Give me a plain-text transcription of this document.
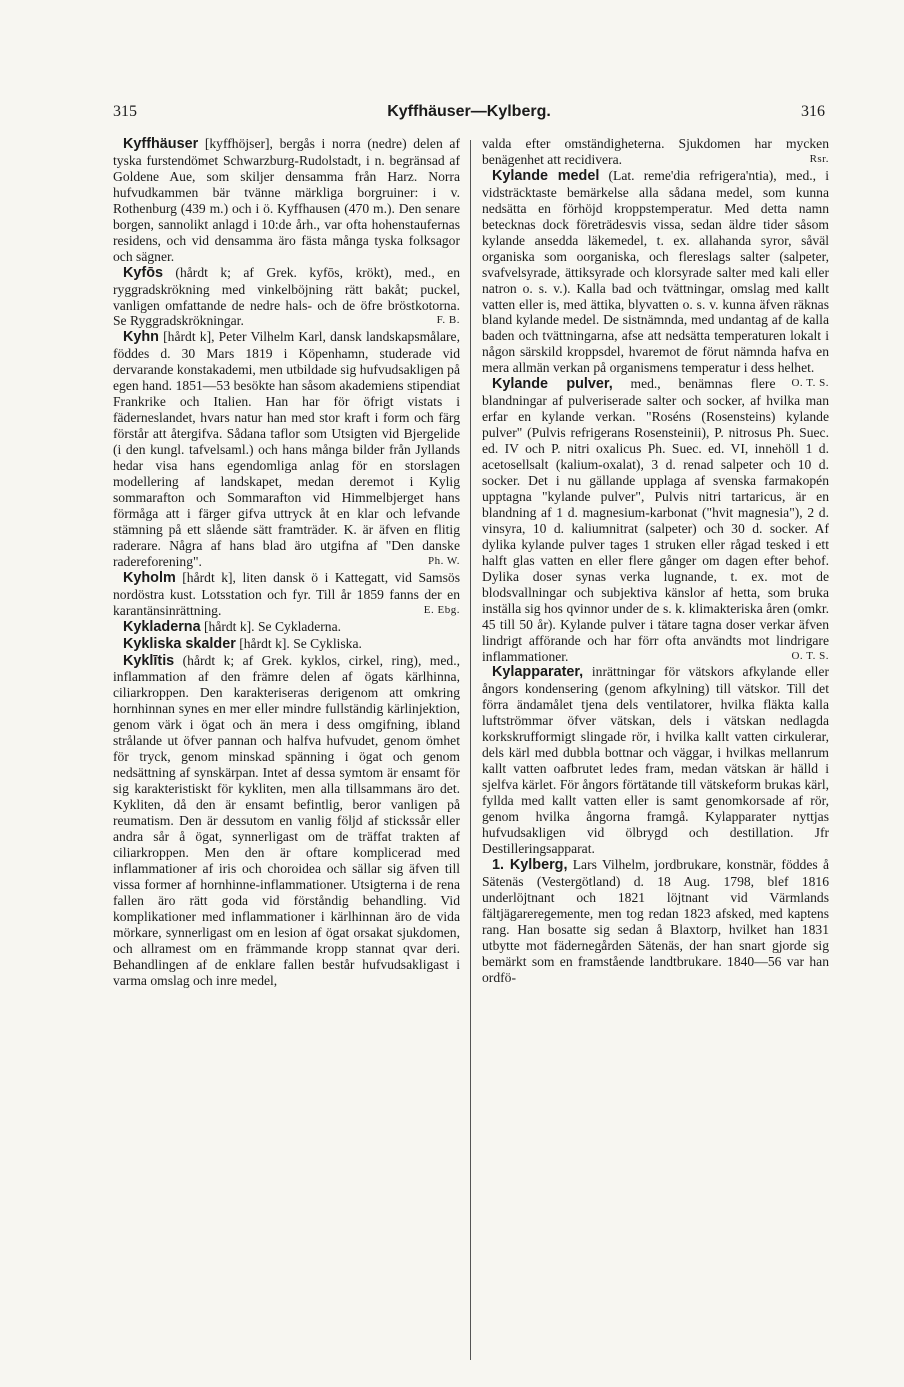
315	Kyffhäuser—Kylberg.	316

Kyffhäuser [kyffhöjser], bergås i norra (nedre) delen af tyska furstendömet Schwarzburg-Rudolstadt, i n. begränsad af Goldene Aue, som skiljer densamma från Harz. Norra hufvudkammen bär tvänne märkliga borgruiner: i v. Rothenburg (439 m.) och i ö. Kyffhausen (470 m.). Den senare borgen, sannolikt anlagd i 10:de årh., var ofta hohenstaufernas residens, och vid densamma äro fästa många tyska folksagor och sägner.

Kyfōs (hårdt k; af Grek. kyfōs, krökt), med., en ryggradskrökning med vinkelböjning rätt bakåt; puckel, vanligen omfattande de nedre hals- och de öfre bröstkotorna. Se Ryggradskrökningar.	F. B.

Kyhn [hårdt k], Peter Vilhelm Karl, dansk landskapsmålare, föddes d. 30 Mars 1819 i Köpenhamn, studerade vid dervarande konstakademi, men utbildade sig hufvudsakligen på egen hand. 1851—53 besökte han såsom akademiens stipendiat Frankrike och Italien. Han har för öfrigt vistats i fäderneslandet, hvars natur han med stor kraft i form och färg förstår att återgifva. Sådana taflor som Utsigten vid Bjergelide (i den kungl. tafvelsaml.) och hans många bilder från Jyllands hedar visa hans egendomliga anlag för en storslagen modellering af landskapet, medan deremot i Kylig sommarafton och Sommarafton vid Himmelbjerget hans förmåga att i färger gifva uttryck åt en klar och lefvande stämning på ett slående sätt framträder. K. är äfven en flitig raderare. Några af hans blad äro utgifna af "Den danske radereforening".	Ph. W.

Kyholm [hårdt k], liten dansk ö i Kattegatt, vid Samsös nordöstra kust. Lotsstation och fyr. Till år 1859 fanns der en karantänsinrättning.	E. Ebg.

Kykladerna [hårdt k]. Se Cykladerna.

Kykliska skalder [hårdt k]. Se Cykliska.

Kyklītis (hårdt k; af Grek. kyklos, cirkel, ring), med., inflammation af den främre delen af ögats kärlhinna, ciliarkroppen. Den karakteriseras derigenom att omkring hornhinnan synes en mer eller mindre fullständig kärlinjektion, genom värk i ögat och än mera i dess omgifning, ibland strålande ut öfver pannan och halfva hufvudet, genom ömhet för tryck, genom minskad spänning i ögat och genom nedsättning af synskärpan. Intet af dessa symtom är ensamt för sig karakteristiskt för kykliten, men alla tillsammans äro det. Kykliten, då den är ensamt befintlig, beror vanligen på reumatism. Den är dessutom en vanlig följd af stickssår eller andra sår å ögat, synnerligast om de träffat trakten af ciliarkroppen. Men den är oftare komplicerad med inflammationer af iris och choroidea och sällar sig äfven till vissa former af hornhinne-inflammationer. Utsigterna i de rena fallen äro rätt goda vid förståndig behandling. Vid komplikationer med inflammationer i kärlhinnan äro de vida mörkare, synnerligast om en lesion af ögat orsakat sjukdomen, och allramest om en främmande kropp stannat qvar deri. Behandlingen af de enklare fallen består hufvudsakligast i varma omslag och inre medel,

valda efter omständigheterna. Sjukdomen har mycken benägenhet att recidivera.	Rsr.

Kylande medel (Lat. reme'dia refrigera'ntia), med., i vidsträcktaste bemärkelse alla sådana medel, som kunna nedsätta en förhöjd kroppstemperatur. Med detta namn betecknas dock företrädesvis vissa, sedan äldre tider såsom kylande ansedda läkemedel, t. ex. allahanda syror, såväl organiska som oorganiska, och flereslags salter (salpeter, svafvelsyrade, ättiksyrade och klorsyrade salter med kali eller natron o. s. v.). Kalla bad och tvättningar, omslag med kallt vatten eller is, med ättika, blyvatten o. s. v. kunna äfven räknas bland kylande medel. De sistnämnda, med undantag af de kalla baden och tvättningarna, afse att nedsätta temperaturen lokalt i någon särskild kroppsdel, hvaremot de förut nämnda hafva en mera allmän verkan på organismens temperatur i dess helhet.
O. T. S.

Kylande pulver, med., benämnas flere blandningar af pulveriserade salter och socker, af hvilka man erfar en kylande verkan. "Roséns (Rosensteins) kylande pulver" (Pulvis refrigerans Rosensteinii), P. nitrosus Ph. Suec. ed. IV och P. nitri oxalicus Ph. Suec. ed. VI, innehöll 1 d. acetosellsalt (kalium-oxalat), 3 d. renad salpeter och 10 d. socker. Det i nu gällande upplaga af svenska farmakopén upptagna "kylande pulver", Pulvis nitri tartaricus, är en blandning af 1 d. magnesium-karbonat ("hvit magnesia"), 2 d. vinsyra, 10 d. kaliumnitrat (salpeter) och 30 d. socker. Af dylika kylande pulver tages 1 struken eller rågad tesked i ett halft glas vatten en eller flere gånger om dagen efter behof. Dylika doser synas verka lugnande, t. ex. mot de blodsvallningar och subjektiva känslor af hetta, som bruka inställa sig hos qvinnor under de s. k. klimakteriska åren (omkr. 45 till 50 år). Kylande pulver i tätare tagna doser verkar äfven lindrigt afförande och har förr ofta användts mot lindrigare inflammationer.	O. T. S.

Kylapparater, inrättningar för vätskors afkylande eller ångors kondensering (genom afkylning) till vätskor. Till det förra ändamålet tjena dels ventilatorer, hvilka fläkta kalla luftströmmar öfver vätskan, dels i vätskan nedlagda korkskrufformigt slingade rör, i hvilka kallt vatten cirkulerar, dels kärl med dubbla bottnar och väggar, i hvilkas mellanrum kallt vatten oafbrutet ledes fram, medan vätskan är hälld i sjelfva kärlet. För ångors förtätande till vätskeform brukas kärl, fyllda med kallt vatten eller is samt genomkorsade af rör, genom hvilka ångorna framgå. Kylapparater nyttjas hufvudsakligen vid ölbrygd och destillation. Jfr Destilleringsapparat.

1. Kylberg, Lars Vilhelm, jordbrukare, konstnär, föddes å Sätenäs (Vestergötland) d. 18 Aug. 1798, blef 1816 underlöjtnant och 1821 löjtnant vid Värmlands fältjägareregemente, men tog redan 1823 afsked, med kaptens rang. Han bosatte sig sedan å Blaxtorp, hvilket han 1831 utbytte mot fädernegården Sätenäs, der han snart gjorde sig bemärkt som en framstående landtbrukare. 1840—56 var han ordfö-
